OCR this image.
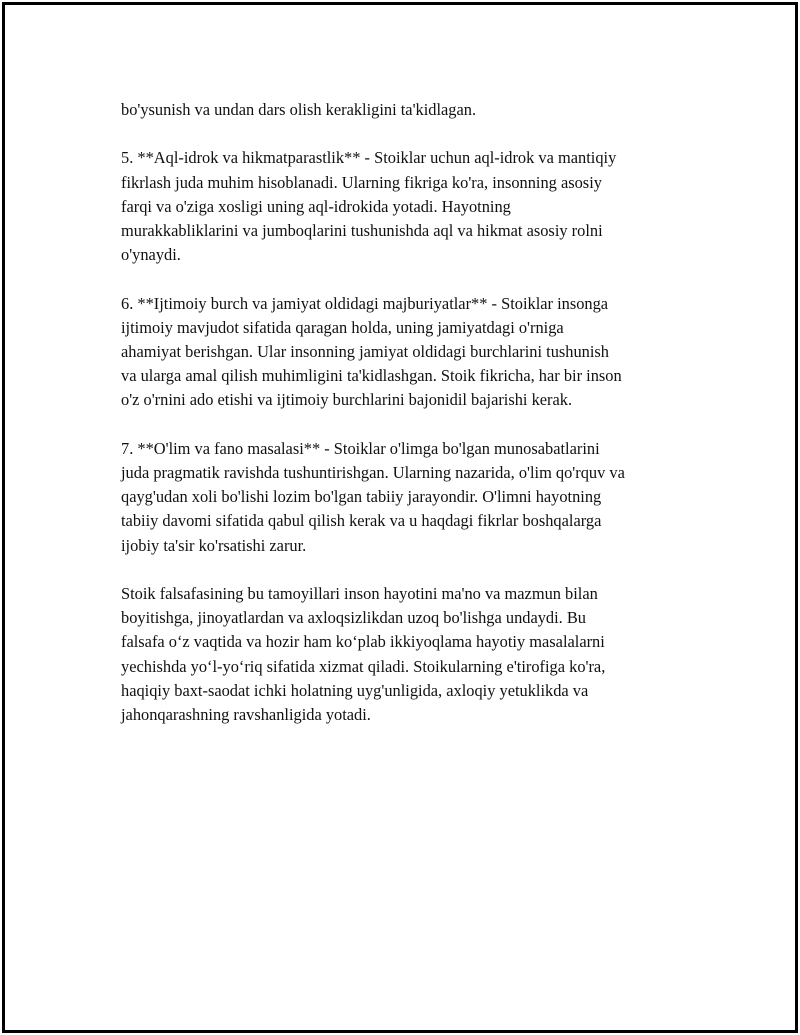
bo'ysunish va undan dars olish kerakligini ta'kidlagan.

5. **Aql-idrok va hikmatparastlik** - Stoiklar uchun aql-idrok va mantiqiy
fikrlash juda muhim hisoblanadi. Ularning fikriga ko'ra, insonning asosiy
farqi va o'ziga xosligi uning aql-idrokida yotadi. Hayotning
murakkabliklarini va jumboqlarini tushunishda aql va hikmat asosiy rolni
o'ynaydi.

6. **Ijtimoiy burch va jamiyat oldidagi majburiyatlar** - Stoiklar insonga
ijtimoiy mavjudot sifatida qaragan holda, uning jamiyatdagi o'rniga
ahamiyat berishgan. Ular insonning jamiyat oldidagi burchlarini tushunish
va ularga amal qilish muhimligini ta'kidlashgan. Stoik fikricha, har bir inson
o'z o'rnini ado etishi va ijtimoiy burchlarini bajonidil bajarishi kerak.

7. **O'lim va fano masalasi** - Stoiklar o'limga bo'lgan munosabatlarini
juda pragmatik ravishda tushuntirishgan. Ularning nazarida, o'lim qo'rquv va
qayg'udan xoli bo'lishi lozim bo'lgan tabiiy jarayondir. O'limni hayotning
tabiiy davomi sifatida qabul qilish kerak va u haqdagi fikrlar boshqalarga
ijobiy ta'sir ko'rsatishi zarur.

Stoik falsafasining bu tamoyillari inson hayotini ma'no va mazmun bilan
boyitishga, jinoyatlardan va axloqsizlikdan uzoq bo'lishga undaydi. Bu
falsafa o‘z vaqtida va hozir ham ko‘plab ikkiyoqlama hayotiy masalalarni
yechishda yo‘l-yo‘riq sifatida xizmat qiladi. Stoikularning e'tirofiga ko'ra,
haqiqiy baxt-saodat ichki holatning uyg'unligida, axloqiy yetuklikda va
jahonqarashning ravshanligida yotadi.
